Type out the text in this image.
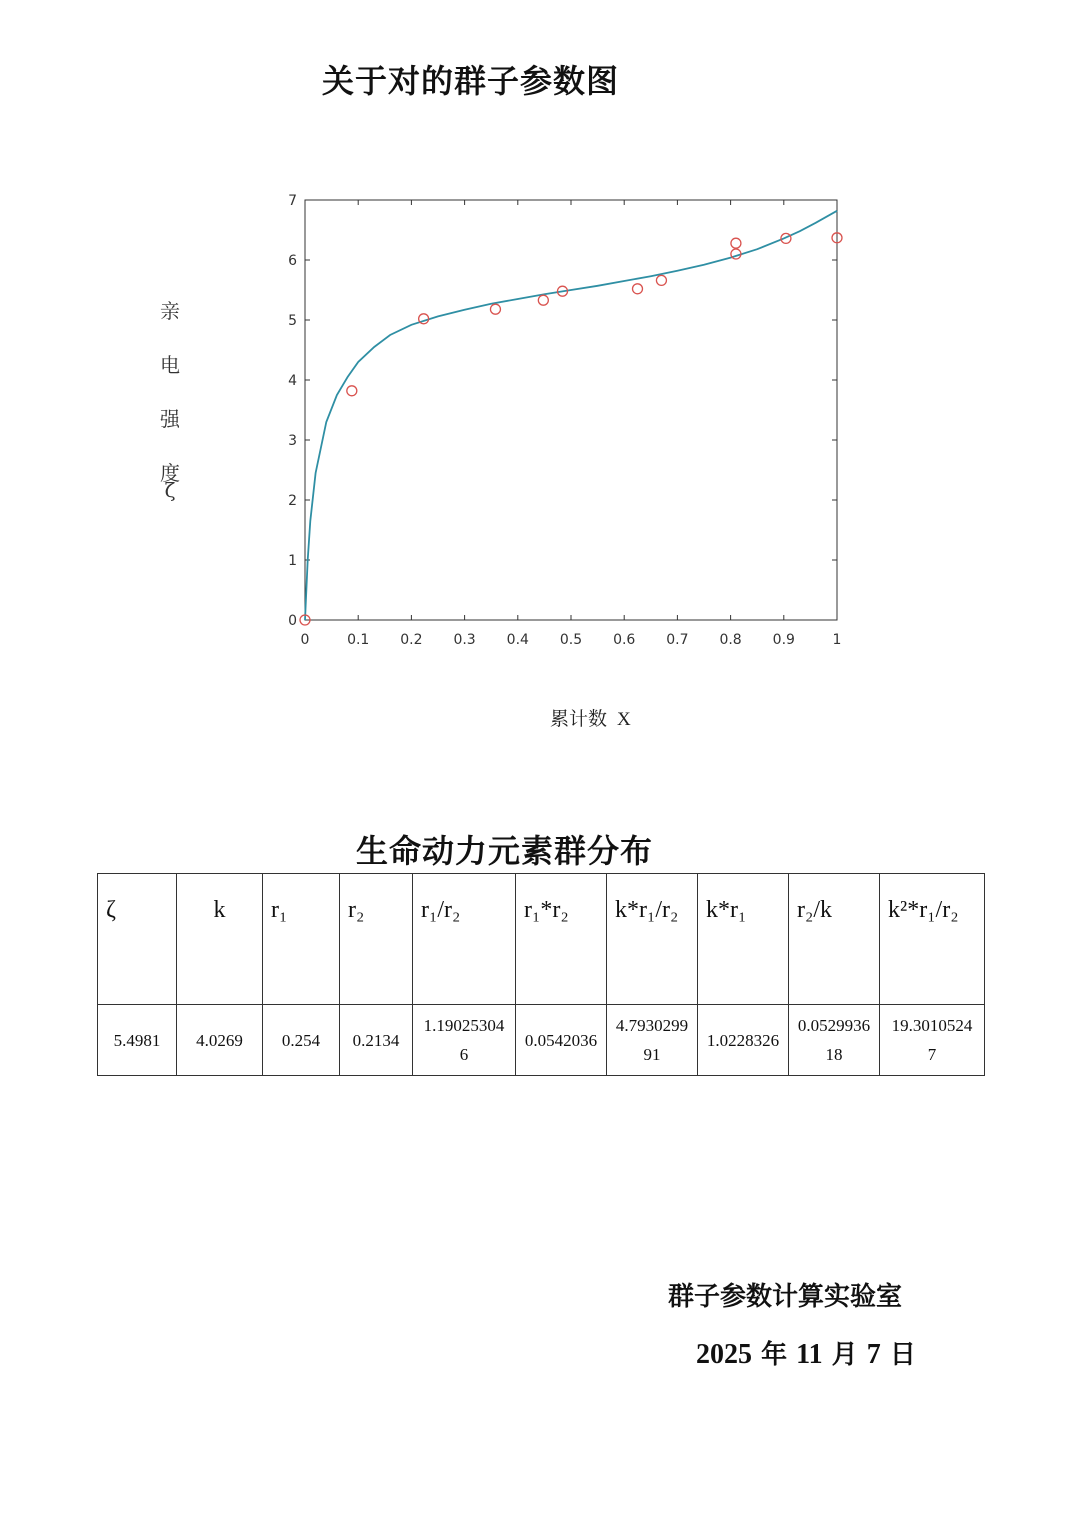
关于对的群子参数图
亲
电
强
度
ζ
0	0.1 0.2 0.3 0.4 0.5 0.6 0.7 0.8 0.9	1
0
1
2
3
4
5
6
7
累计数 X
生命动力元素群分布
ζ	k	r₁	r₂	r₁/r₂	r₁*r₂	k*r₁/r₂	k*r₁	r₂/k	k²*r₁/r₂
5.4981	4.0269	0.254	0.2134	1.190253046	0.0542036	4.793029991	1.0228326	0.052993618	19.30105247
群子参数计算实验室
2025 年 11 月 7 日
